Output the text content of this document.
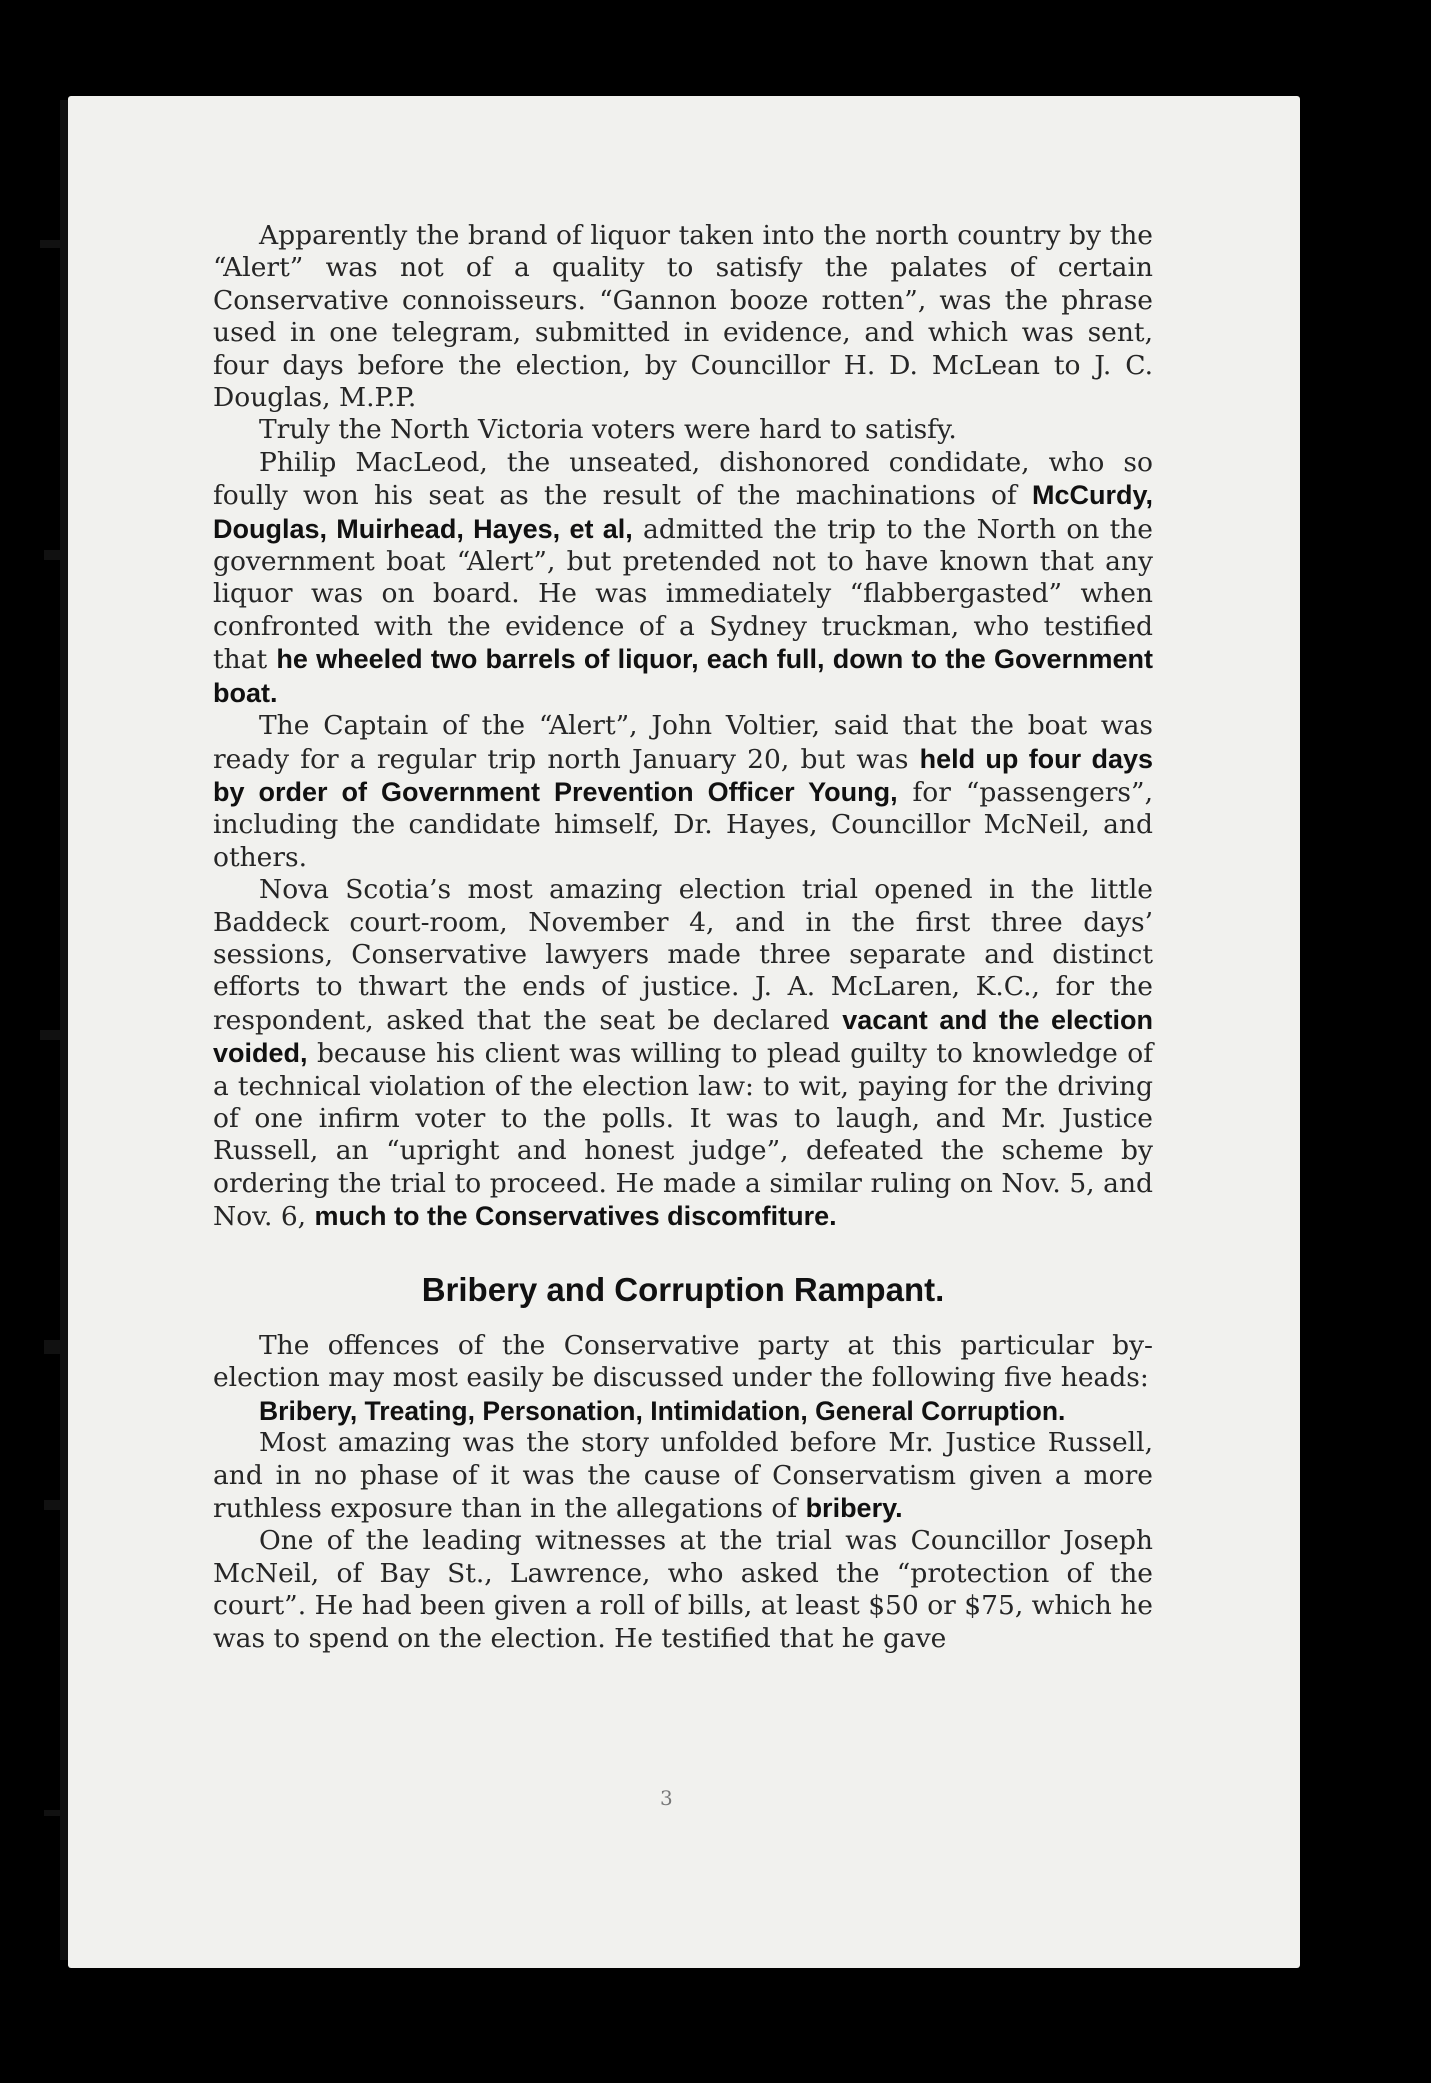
Apparently the brand of liquor taken into the north country by the “Alert” was not of a quality to satisfy the palates of certain Conservative connoisseurs. “Gannon booze rotten”, was the phrase used in one telegram, submitted in evidence, and which was sent, four days before the election, by Councillor H. D. McLean to J. C. Douglas, M.P.P.

Truly the North Victoria voters were hard to satisfy.

Philip MacLeod, the unseated, dishonored condidate, who so foully won his seat as the result of the machinations of McCurdy, Douglas, Muirhead, Hayes, et al, admitted the trip to the North on the government boat “Alert”, but pretended not to have known that any liquor was on board. He was immediately “flabbergasted” when confronted with the evidence of a Sydney truckman, who testified that he wheeled two barrels of liquor, each full, down to the Government boat.

The Captain of the “Alert”, John Voltier, said that the boat was ready for a regular trip north January 20, but was held up four days by order of Government Prevention Officer Young, for “passengers”, including the candidate himself, Dr. Hayes, Councillor McNeil, and others.

Nova Scotia’s most amazing election trial opened in the little Baddeck court-room, November 4, and in the first three days’ sessions, Conservative lawyers made three separate and distinct efforts to thwart the ends of justice. J. A. McLaren, K.C., for the respondent, asked that the seat be declared vacant and the election voided, because his client was willing to plead guilty to knowledge of a technical violation of the election law: to wit, paying for the driving of one infirm voter to the polls. It was to laugh, and Mr. Justice Russell, an “upright and honest judge”, defeated the scheme by ordering the trial to proceed. He made a similar ruling on Nov. 5, and Nov. 6, much to the Conservatives discomfiture.

Bribery and Corruption Rampant.

The offences of the Conservative party at this particular by-election may most easily be discussed under the following five heads:

Bribery, Treating, Personation, Intimidation, General Corruption.

Most amazing was the story unfolded before Mr. Justice Russell, and in no phase of it was the cause of Conservatism given a more ruthless exposure than in the allegations of bribery.

One of the leading witnesses at the trial was Councillor Joseph McNeil, of Bay St., Lawrence, who asked the “protection of the court”. He had been given a roll of bills, at least $50 or $75, which he was to spend on the election. He testified that he gave

3
